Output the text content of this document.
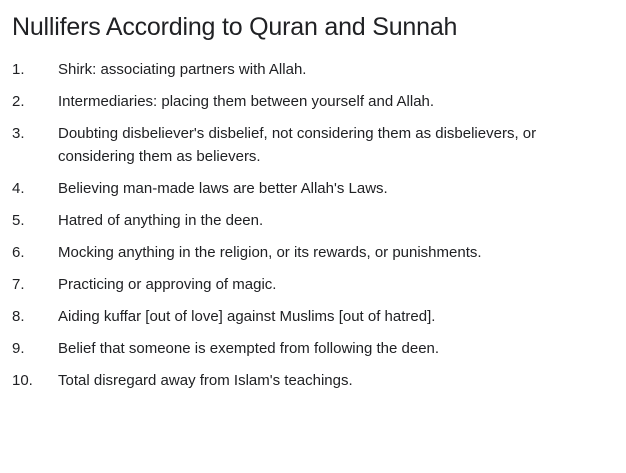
Nullifers According to Quran and Sunnah
1.	Shirk: associating partners with Allah.
2.	Intermediaries: placing them between yourself and Allah.
3.	Doubting disbeliever's disbelief, not considering them as disbelievers, or considering them as believers.
4.	Believing man-made laws are better Allah's Laws.
5.	Hatred of anything in the deen.
6.	Mocking anything in the religion, or its rewards, or punishments.
7.	Practicing or approving of magic.
8.	Aiding kuffar [out of love] against Muslims [out of hatred].
9.	Belief that someone is exempted from following the deen.
10.	Total disregard away from Islam's teachings.
